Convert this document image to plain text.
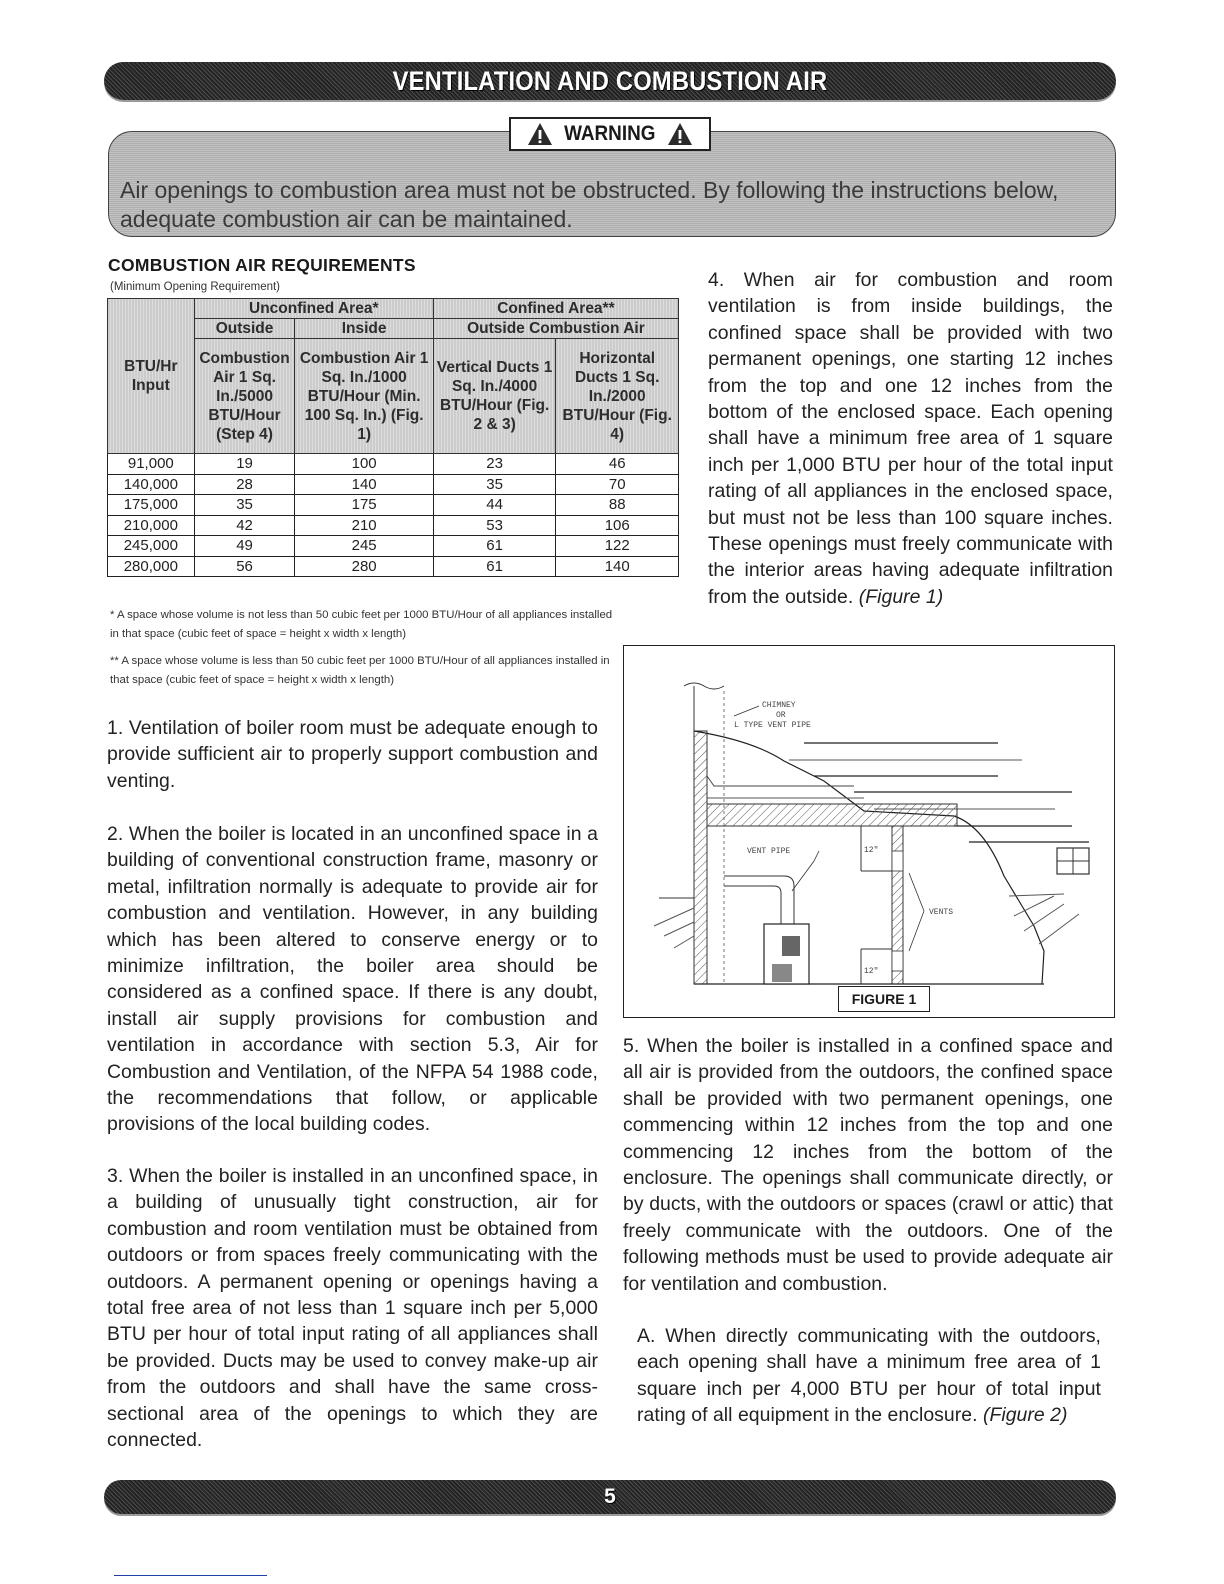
VENTILATION AND COMBUSTION AIR
WARNING
Air openings to combustion area must not be obstructed. By following the instructions below, adequate combustion air can be maintained.
COMBUSTION AIR REQUIREMENTS
(Minimum Opening Requirement)
BTU/Hr Input	Unconfined Area*		Confined Area**	
	Outside	Inside	Outside Combustion Air	
	Combustion Air 1 Sq. In./5000 BTU/Hour (Step 4)	Combustion Air 1 Sq. In./1000 BTU/Hour (Min. 100 Sq. In.) (Fig. 1)	Vertical Ducts 1 Sq. In./4000 BTU/Hour (Fig. 2 & 3)	Horizontal Ducts 1 Sq. In./2000 BTU/Hour (Fig. 4)
91,000	19	100	23	46
140,000	28	140	35	70
175,000	35	175	44	88
210,000	42	210	53	106
245,000	49	245	61	122
280,000	56	280	61	140
* A space whose volume is not less than 50 cubic feet per 1000 BTU/Hour of all appliances installed in that space (cubic feet of space = height x width x length)
** A space whose volume is less than 50 cubic feet per 1000 BTU/Hour of all appliances installed in that space (cubic feet of space = height x width x length)
1. Ventilation of boiler room must be adequate enough to provide sufficient air to properly support combustion and venting.
2. When the boiler is located in an unconfined space in a building of conventional construction frame, masonry or metal, infiltration normally is adequate to provide air for combustion and ventilation. However, in any building which has been altered to conserve energy or to minimize infiltration, the boiler area should be considered as a confined space. If there is any doubt, install air supply provisions for combustion and ventilation in accordance with section 5.3, Air for Combustion and Ventilation, of the NFPA 54 1988 code, the recommendations that follow, or applicable provisions of the local building codes.
3. When the boiler is installed in an unconfined space, in a building of unusually tight construction, air for combustion and room ventilation must be obtained from outdoors or from spaces freely communicating with the outdoors. A permanent opening or openings having a total free area of not less than 1 square inch per 5,000 BTU per hour of total input rating of all appliances shall be provided. Ducts may be used to convey make-up air from the outdoors and shall have the same cross-sectional area of the openings to which they are connected.
4. When air for combustion and room ventilation is from inside buildings, the confined space shall be provided with two permanent openings, one starting 12 inches from the top and one 12 inches from the bottom of the enclosed space. Each opening shall have a minimum free area of 1 square inch per 1,000 BTU per hour of the total input rating of all appliances in the enclosed space, but must not be less than 100 square inches. These openings must freely communicate with the interior areas having adequate infiltration from the outside. (Figure 1)
CHIMNEY
OR
L TYPE VENT PIPE
VENT PIPE
VENTS
12"
12"
FIGURE 1
5. When the boiler is installed in a confined space and all air is provided from the outdoors, the confined space shall be provided with two permanent openings, one commencing within 12 inches from the top and one commencing 12 inches from the bottom of the enclosure. The openings shall communicate directly, or by ducts, with the outdoors or spaces (crawl or attic) that freely communicate with the outdoors. One of the following methods must be used to provide adequate air for ventilation and combustion.
A. When directly communicating with the outdoors, each opening shall have a minimum free area of 1 square inch per 4,000 BTU per hour of total input rating of all equipment in the enclosure. (Figure 2)
5
